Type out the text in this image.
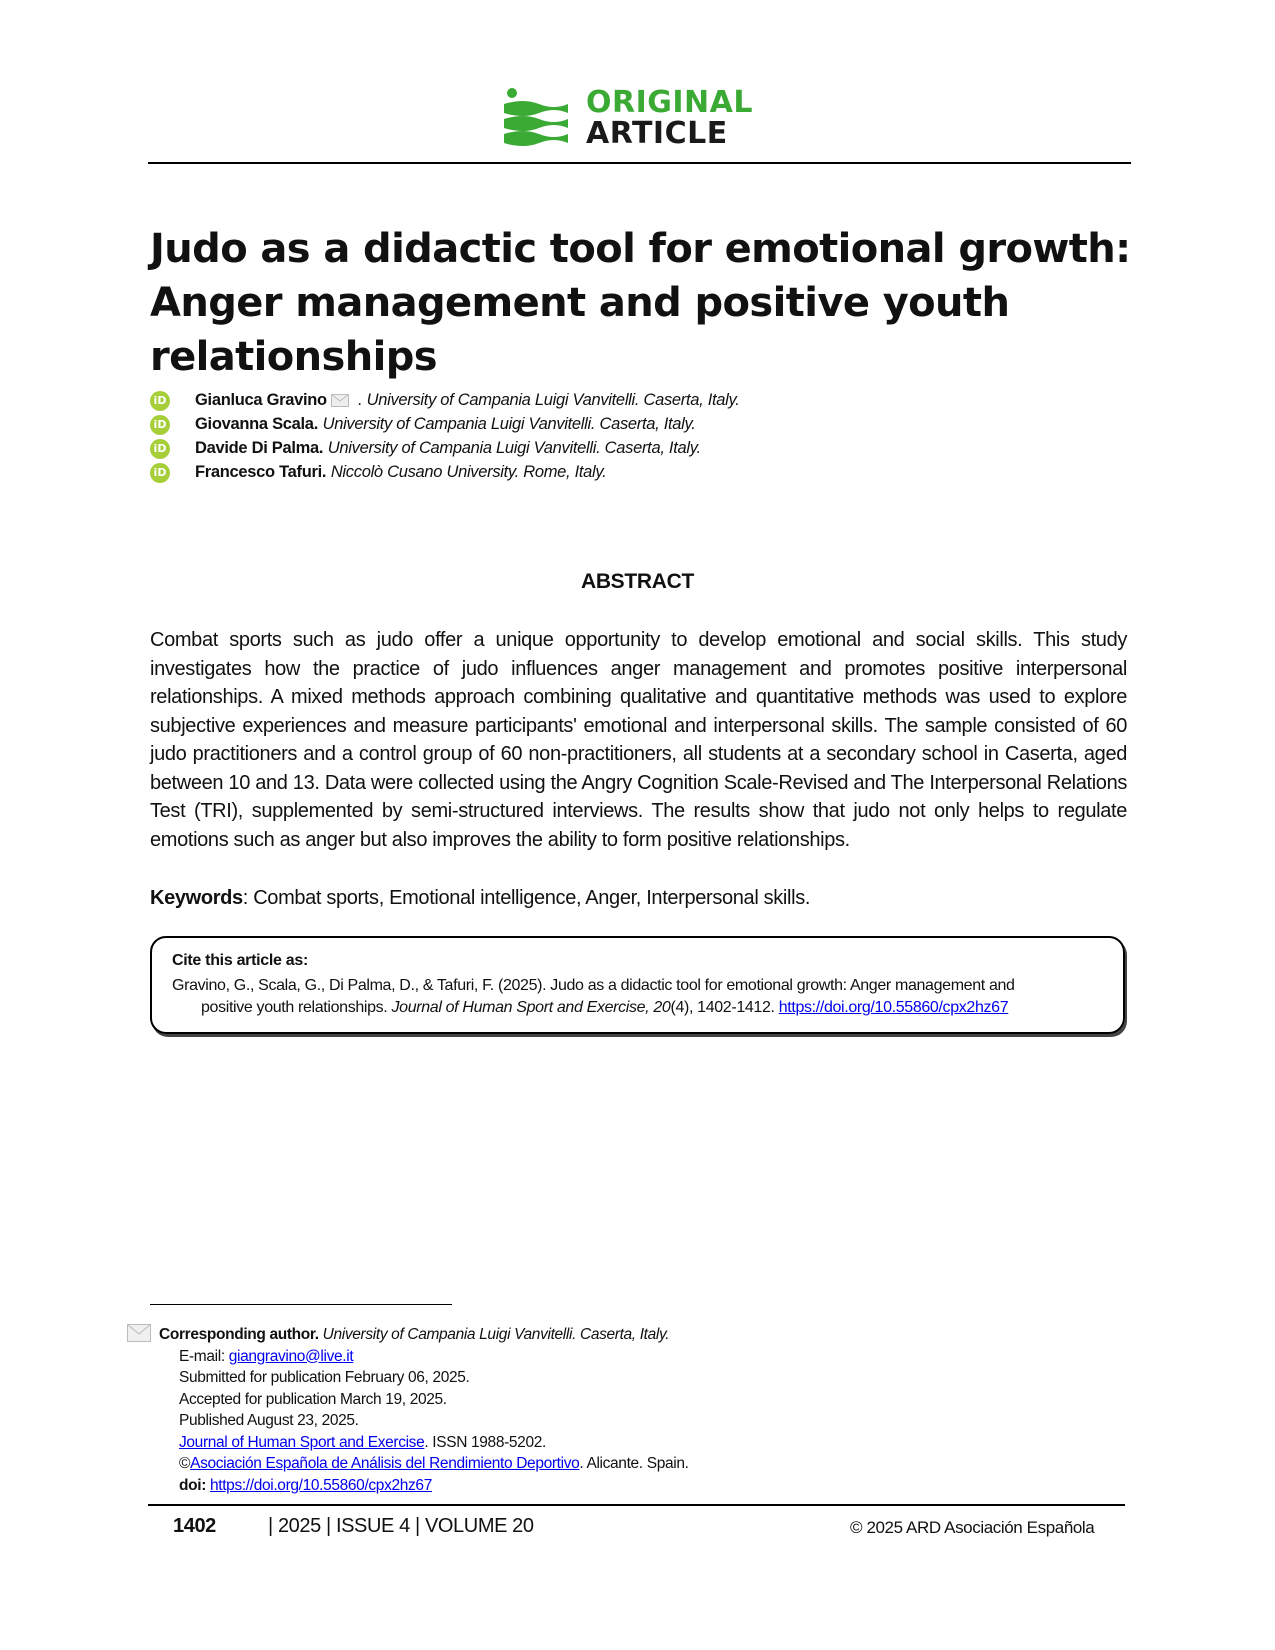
ORIGINAL
ARTICLE
Judo as a didactic tool for emotional growth: Anger management and positive youth relationships
iD Gianluca Gravino . University of Campania Luigi Vanvitelli. Caserta, Italy.
iD Giovanna Scala. University of Campania Luigi Vanvitelli. Caserta, Italy.
iD Davide Di Palma. University of Campania Luigi Vanvitelli. Caserta, Italy.
iD Francesco Tafuri. Niccolò Cusano University. Rome, Italy.
ABSTRACT

Combat sports such as judo offer a unique opportunity to develop emotional and social skills. This study investigates how the practice of judo influences anger management and promotes positive interpersonal relationships. A mixed methods approach combining qualitative and quantitative methods was used to explore subjective experiences and measure participants' emotional and interpersonal skills. The sample consisted of 60 judo practitioners and a control group of 60 non-practitioners, all students at a secondary school in Caserta, aged between 10 and 13. Data were collected using the Angry Cognition Scale-Revised and The Interpersonal Relations Test (TRI), supplemented by semi-structured interviews. The results show that judo not only helps to regulate emotions such as anger but also improves the ability to form positive relationships.

Keywords: Combat sports, Emotional intelligence, Anger, Interpersonal skills.

Cite this article as:
Gravino, G., Scala, G., Di Palma, D., & Tafuri, F. (2025). Judo as a didactic tool for emotional growth: Anger management and
positive youth relationships. Journal of Human Sport and Exercise, 20(4), 1402-1412. https://doi.org/10.55860/cpx2hz67
Corresponding author. University of Campania Luigi Vanvitelli. Caserta, Italy.
E-mail: giangravino@live.it
Submitted for publication February 06, 2025.
Accepted for publication March 19, 2025.
Published August 23, 2025.
Journal of Human Sport and Exercise. ISSN 1988-5202.
©Asociación Española de Análisis del Rendimiento Deportivo. Alicante. Spain.
doi: https://doi.org/10.55860/cpx2hz67
1402	| 2025 | ISSUE 4 | VOLUME 20	© 2025 ARD Asociación Española
